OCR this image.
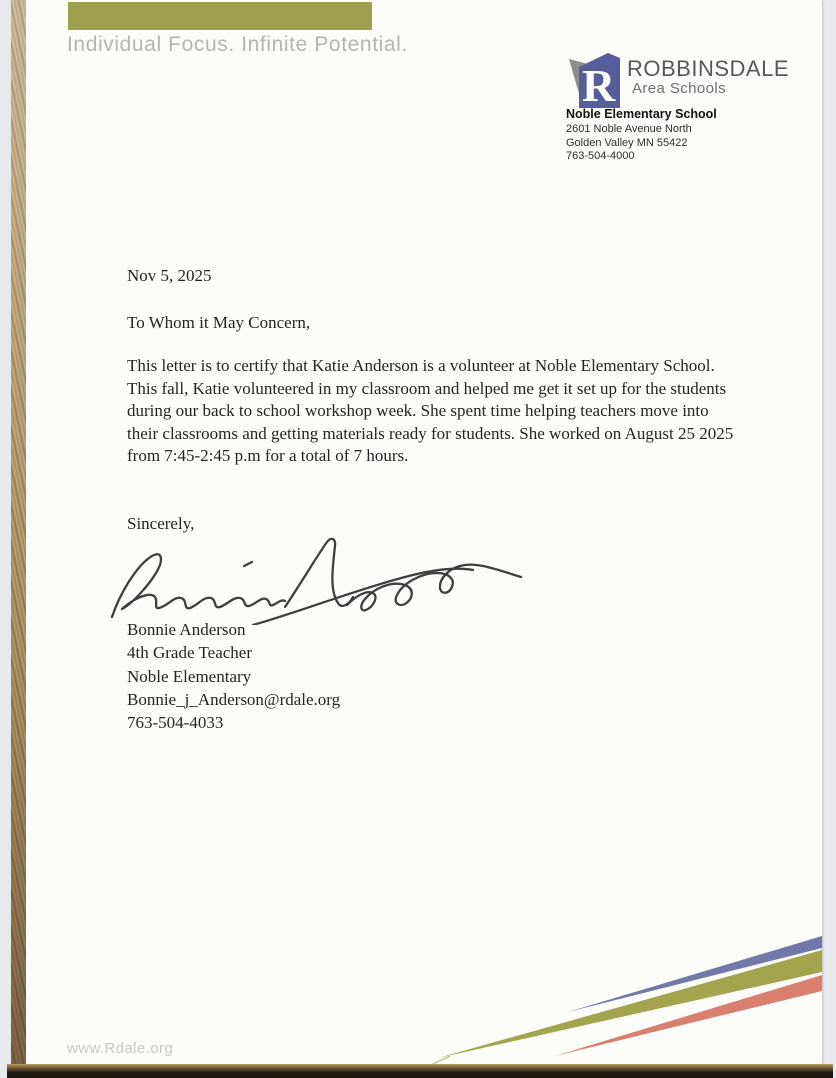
Individual Focus. Infinite Potential.
R ROBBINSDALE
Area Schools
Noble Elementary School
2601 Noble Avenue North
Golden Valley MN 55422
763-504-4000

Nov 5, 2025

To Whom it May Concern,

This letter is to certify that Katie Anderson is a volunteer at Noble Elementary School. This fall, Katie volunteered in my classroom and helped me get it set up for the students during our back to school workshop week. She spent time helping teachers move into their classrooms and getting materials ready for students. She worked on August 25 2025 from 7:45-2:45 p.m for a total of 7 hours.

Sincerely,

Bonnie Anderson
4th Grade Teacher
Noble Elementary
Bonnie_j_Anderson@rdale.org
763-504-4033
www.Rdale.org
